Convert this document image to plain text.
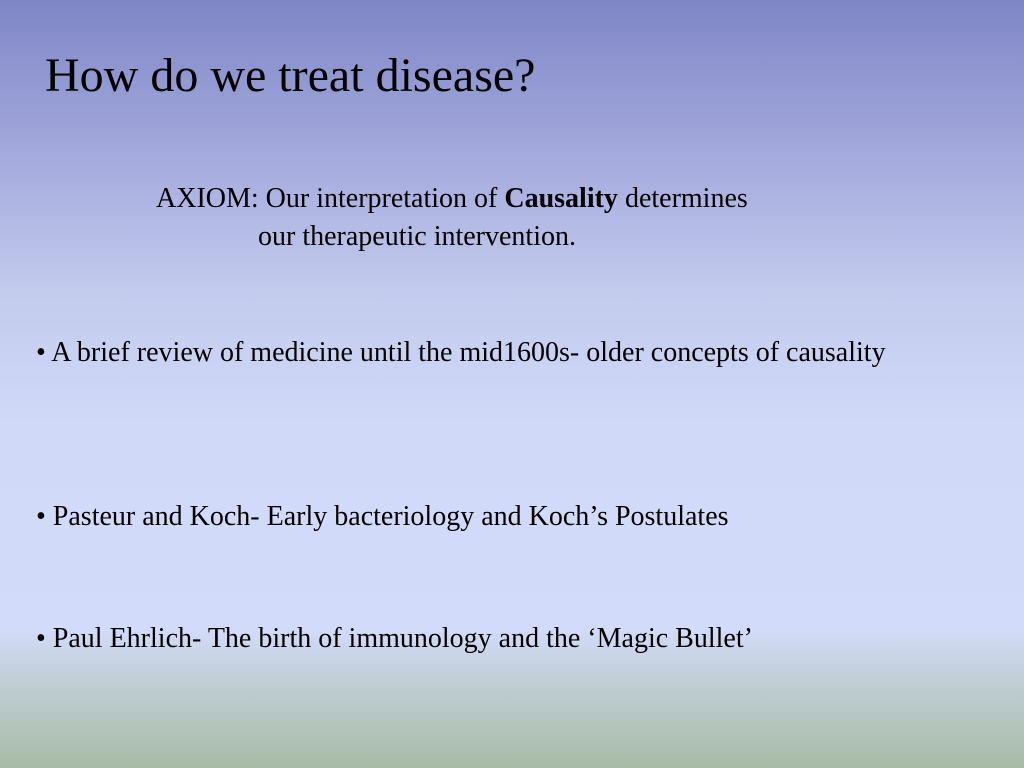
How do we treat disease?
AXIOM: Our interpretation of Causality determines
our therapeutic intervention.
• A brief review of medicine until the mid1600s- older concepts of causality
• Pasteur and Koch- Early bacteriology and Koch’s Postulates
• Paul Ehrlich- The birth of immunology and the ‘Magic Bullet’
